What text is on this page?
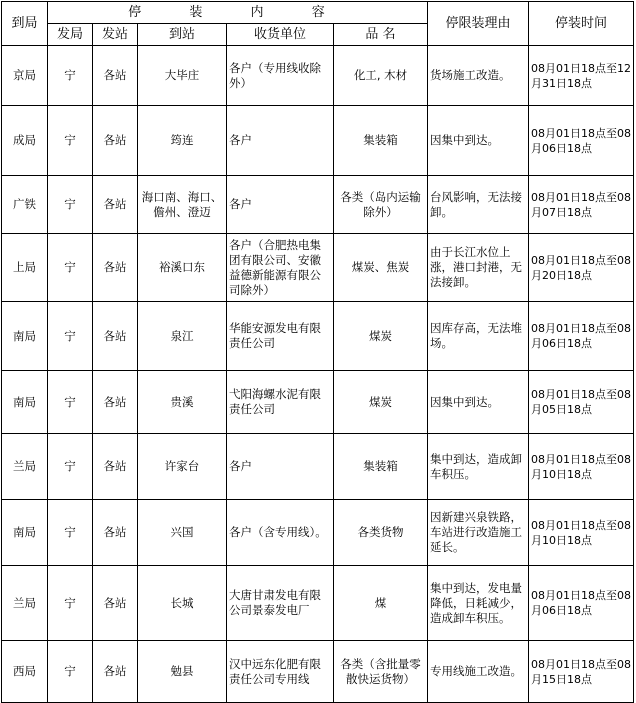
到局	停 装 内 容					停限装理由	停装时间
	发局	发站	到站	收货单位	品 名		
京局	宁	各站	大毕庄	各户（专用线收除外）	化工, 木材	货场施工改造。	08月01日18点至12月31日18点
成局	宁	各站	筠连	各户	集装箱	因集中到达。	08月01日18点至08月06日18点
广铁	宁	各站	海口南、海口、儋州、澄迈	各户	各类（岛内运输除外）	台风影响，无法接卸。	08月01日18点至08月07日18点
上局	宁	各站	裕溪口东	各户（合肥热电集团有限公司、安徽益德新能源有限公司除外）	煤炭、焦炭	由于长江水位上涨，港口封港，无法接卸。	08月01日18点至08月20日18点
南局	宁	各站	泉江	华能安源发电有限责任公司	煤炭	因库存高，无法堆场。	08月01日18点至08月06日18点
南局	宁	各站	贵溪	弋阳海螺水泥有限责任公司	煤炭	因集中到达。	08月01日18点至08月05日18点
兰局	宁	各站	许家台	各户	集装箱	集中到达，造成卸车积压。	08月01日18点至08月10日18点
南局	宁	各站	兴国	各户（含专用线）。	各类货物	因新建兴泉铁路，车站进行改造施工延长。	08月01日18点至08月10日18点
兰局	宁	各站	长城	大唐甘肃发电有限公司景泰发电厂	煤	集中到达，发电量降低，日耗减少，造成卸车积压。	08月01日18点至08月06日18点
西局	宁	各站	勉县	汉中远东化肥有限责任公司专用线	各类（含批量零散快运货物）	专用线施工改造。	08月01日18点至08月15日18点
